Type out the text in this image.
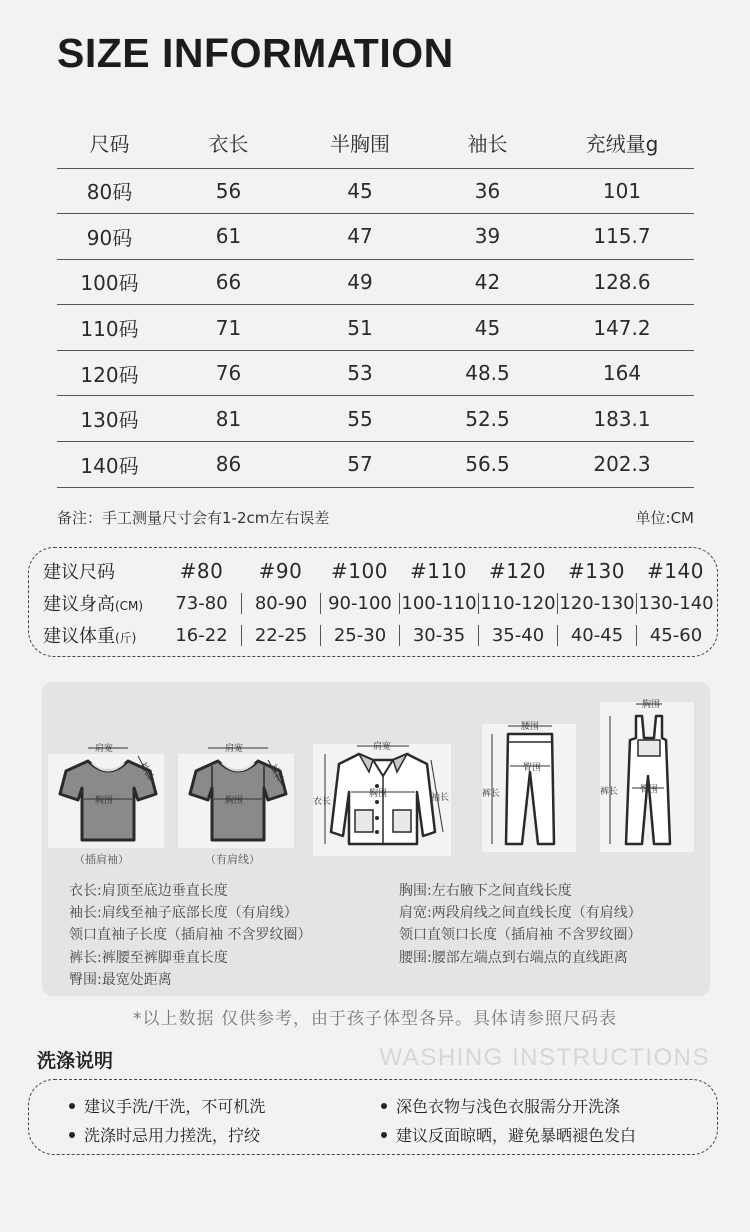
SIZE INFORMATION
尺码	衣长	半胸围	袖长	充绒量g
80码	56	45	36	101
90码	61	47	39	115.7
100码	66	49	42	128.6
110码	71	51	45	147.2
120码	76	53	48.5	164
130码	81	55	52.5	183.1
140码	86	57	56.5	202.3
备注：手工测量尺寸会有1-2cm左右误差	单位:CM
建议尺码	#80	#90	#100	#110	#120	#130	#140
建议身高(CM)	73-80	80-90	90-100 100-110 110-120 120-130 130-140
建议体重(斤)	16-22	22-25	25-30	30-35	35-40	40-45	45-60
肩宽
胸围
袖长
（插肩袖）
肩宽
胸围
袖长
（有肩线）
肩宽
胸围
衣长	袖长
腰围
臀围
裤长
胸围
臀围
裤长
衣长:肩顶至底边垂直长度
袖长:肩线至袖子底部长度（有肩线）
领口直袖子长度（插肩袖 不含罗纹圈）
裤长:裤腰至裤脚垂直长度
臀围:最宽处距离
胸围:左右腋下之间直线长度
肩宽:两段肩线之间直线长度（有肩线）
领口直领口长度（插肩袖 不含罗纹圈）
腰围:腰部左端点到右端点的直线距离
*以上数据 仅供参考，由于孩子体型各异。具体请参照尺码表
洗涤说明	WASHING INSTRUCTIONS
建议手洗/干洗，不可机洗
洗涤时忌用力搓洗，拧绞
深色衣物与浅色衣服需分开洗涤
建议反面晾晒，避免暴晒褪色发白
